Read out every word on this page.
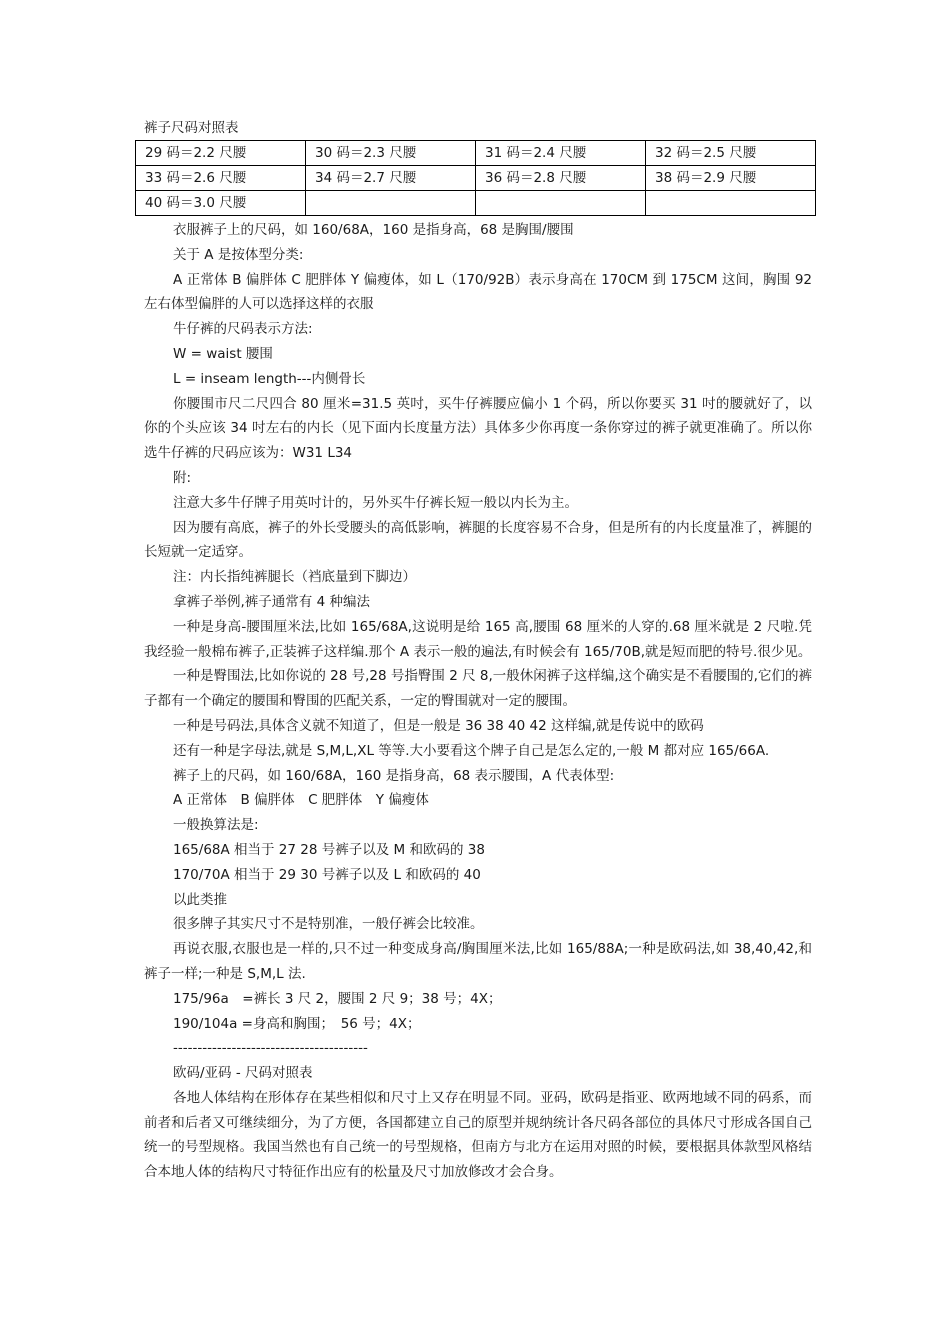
裤子尺码对照表
29 码＝2.2 尺腰	30 码＝2.3 尺腰	31 码＝2.4 尺腰	32 码＝2.5 尺腰
33 码＝2.6 尺腰	34 码＝2.7 尺腰	36 码＝2.8 尺腰	38 码＝2.9 尺腰
40 码＝3.0 尺腰			

衣服裤子上的尺码，如 160/68A，160 是指身高，68 是胸围/腰围

关于 A 是按体型分类:

A 正常体 B 偏胖体 C 肥胖体 Y 偏瘦体，如 L（170/92B）表示身高在 170CM 到 175CM 这间，胸围 92 左右体型偏胖的人可以选择这样的衣服

牛仔裤的尺码表示方法:

W = waist 腰围

L = inseam length---内侧骨长

你腰围市尺二尺四合 80 厘米=31.5 英吋，买牛仔裤腰应偏小 1 个码，所以你要买 31 吋的腰就好了，以你的个头应该 34 吋左右的内长（见下面内长度量方法）具体多少你再度一条你穿过的裤子就更准确了。所以你选牛仔裤的尺码应该为：W31 L34

附:

注意大多牛仔牌子用英吋计的，另外买牛仔裤长短一般以内长为主。

因为腰有高底，裤子的外长受腰头的高低影响，裤腿的长度容易不合身，但是所有的内长度量准了，裤腿的长短就一定适穿。

注：内长指纯裤腿长（裆底量到下脚边）

拿裤子举例,裤子通常有 4 种编法

一种是身高-腰围厘米法,比如 165/68A,这说明是给 165 高,腰围 68 厘米的人穿的.68 厘米就是 2 尺啦.凭我经验一般棉布裤子,正装裤子这样编.那个 A 表示一般的遍法,有时候会有 165/70B,就是短而肥的特号.很少见。

一种是臀围法,比如你说的 28 号,28 号指臀围 2 尺 8,一般休闲裤子这样编,这个确实是不看腰围的,它们的裤子都有一个确定的腰围和臀围的匹配关系，一定的臀围就对一定的腰围。

一种是号码法,具体含义就不知道了，但是一般是 36 38 40 42 这样编,就是传说中的欧码

还有一种是字母法,就是 S,M,L,XL 等等.大小要看这个牌子自己是怎么定的,一般 M 都对应 165/66A.

裤子上的尺码，如 160/68A，160 是指身高，68 表示腰围，A 代表体型:

A 正常体　B 偏胖体　C 肥胖体　Y 偏瘦体

一般换算法是:

165/68A 相当于 27 28 号裤子以及 M 和欧码的 38

170/70A 相当于 29 30 号裤子以及 L 和欧码的 40

以此类推

很多牌子其实尺寸不是特别准，一般仔裤会比较准。

再说衣服,衣服也是一样的,只不过一种变成身高/胸围厘米法,比如 165/88A;一种是欧码法,如 38,40,42,和裤子一样;一种是 S,M,L 法.

175/96a　=裤长 3 尺 2，腰围 2 尺 9；38 号；4X；

190/104a =身高和胸围；　56 号；4X；

----------------------------------------

欧码/亚码 - 尺码对照表

各地人体结构在形体存在某些相似和尺寸上又存在明显不同。亚码，欧码是指亚、欧两地域不同的码系，而前者和后者又可继续细分，为了方便，各国都建立自己的原型并规纳统计各尺码各部位的具体尺寸形成各国自己统一的号型规格。我国当然也有自己统一的号型规格，但南方与北方在运用对照的时候，要根据具体款型风格结合本地人体的结构尺寸特征作出应有的松量及尺寸加放修改才会合身。
